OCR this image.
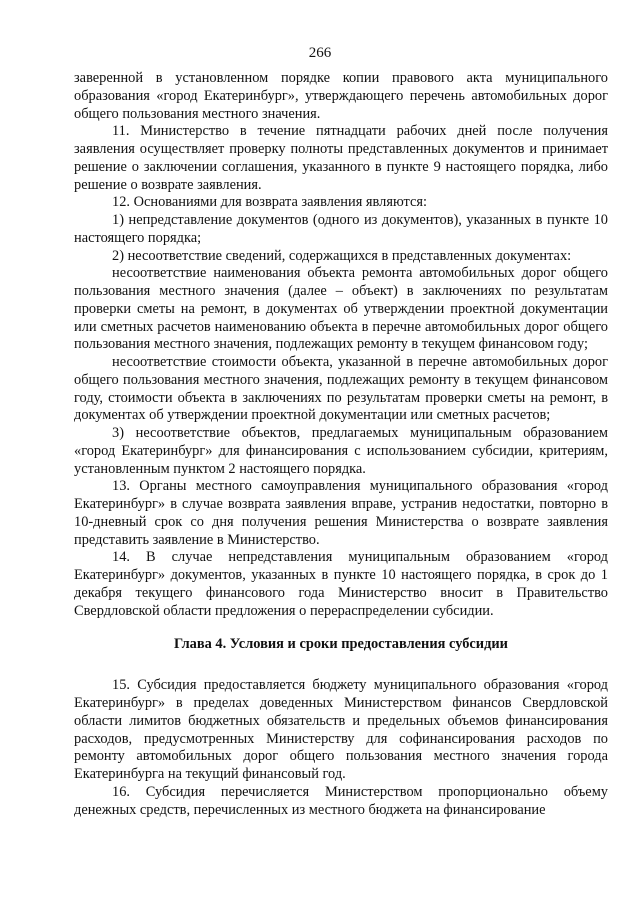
266

заверенной в установленном порядке копии правового акта муниципального образования «город Екатеринбург», утверждающего перечень автомобильных дорог общего пользования местного значения.

11. Министерство в течение пятнадцати рабочих дней после получения заявления осуществляет проверку полноты представленных документов и принимает решение о заключении соглашения, указанного в пункте 9 настоящего порядка, либо решение о возврате заявления.

12. Основаниями для возврата заявления являются:

1) непредставление документов (одного из документов), указанных в пункте 10 настоящего порядка;

2) несоответствие сведений, содержащихся в представленных документах:

несоответствие наименования объекта ремонта автомобильных дорог общего пользования местного значения (далее – объект) в заключениях по результатам проверки сметы на ремонт, в документах об утверждении проектной документации или сметных расчетов наименованию объекта в перечне автомобильных дорог общего пользования местного значения, подлежащих ремонту в текущем финансовом году;

несоответствие стоимости объекта, указанной в перечне автомобильных дорог общего пользования местного значения, подлежащих ремонту в текущем финансовом году, стоимости объекта в заключениях по результатам проверки сметы на ремонт, в документах об утверждении проектной документации или сметных расчетов;

3) несоответствие объектов, предлагаемых муниципальным образованием «город Екатеринбург» для финансирования с использованием субсидии, критериям, установленным пунктом 2 настоящего порядка.

13. Органы местного самоуправления муниципального образования «город Екатеринбург» в случае возврата заявления вправе, устранив недостатки, повторно в 10-дневный срок со дня получения решения Министерства о возврате заявления представить заявление в Министерство.

14. В случае непредставления муниципальным образованием «город Екатеринбург» документов, указанных в пункте 10 настоящего порядка, в срок до 1 декабря текущего финансового года Министерство вносит в Правительство Свердловской области предложения о перераспределении субсидии.

Глава 4. Условия и сроки предоставления субсидии

15. Субсидия предоставляется бюджету муниципального образования «город Екатеринбург» в пределах доведенных Министерством финансов Свердловской области лимитов бюджетных обязательств и предельных объемов финансирования расходов, предусмотренных Министерству для софинансирования расходов по ремонту автомобильных дорог общего пользования местного значения города Екатеринбурга на текущий финансовый год.

16. Субсидия перечисляется Министерством пропорционально объему денежных средств, перечисленных из местного бюджета на финансирование
